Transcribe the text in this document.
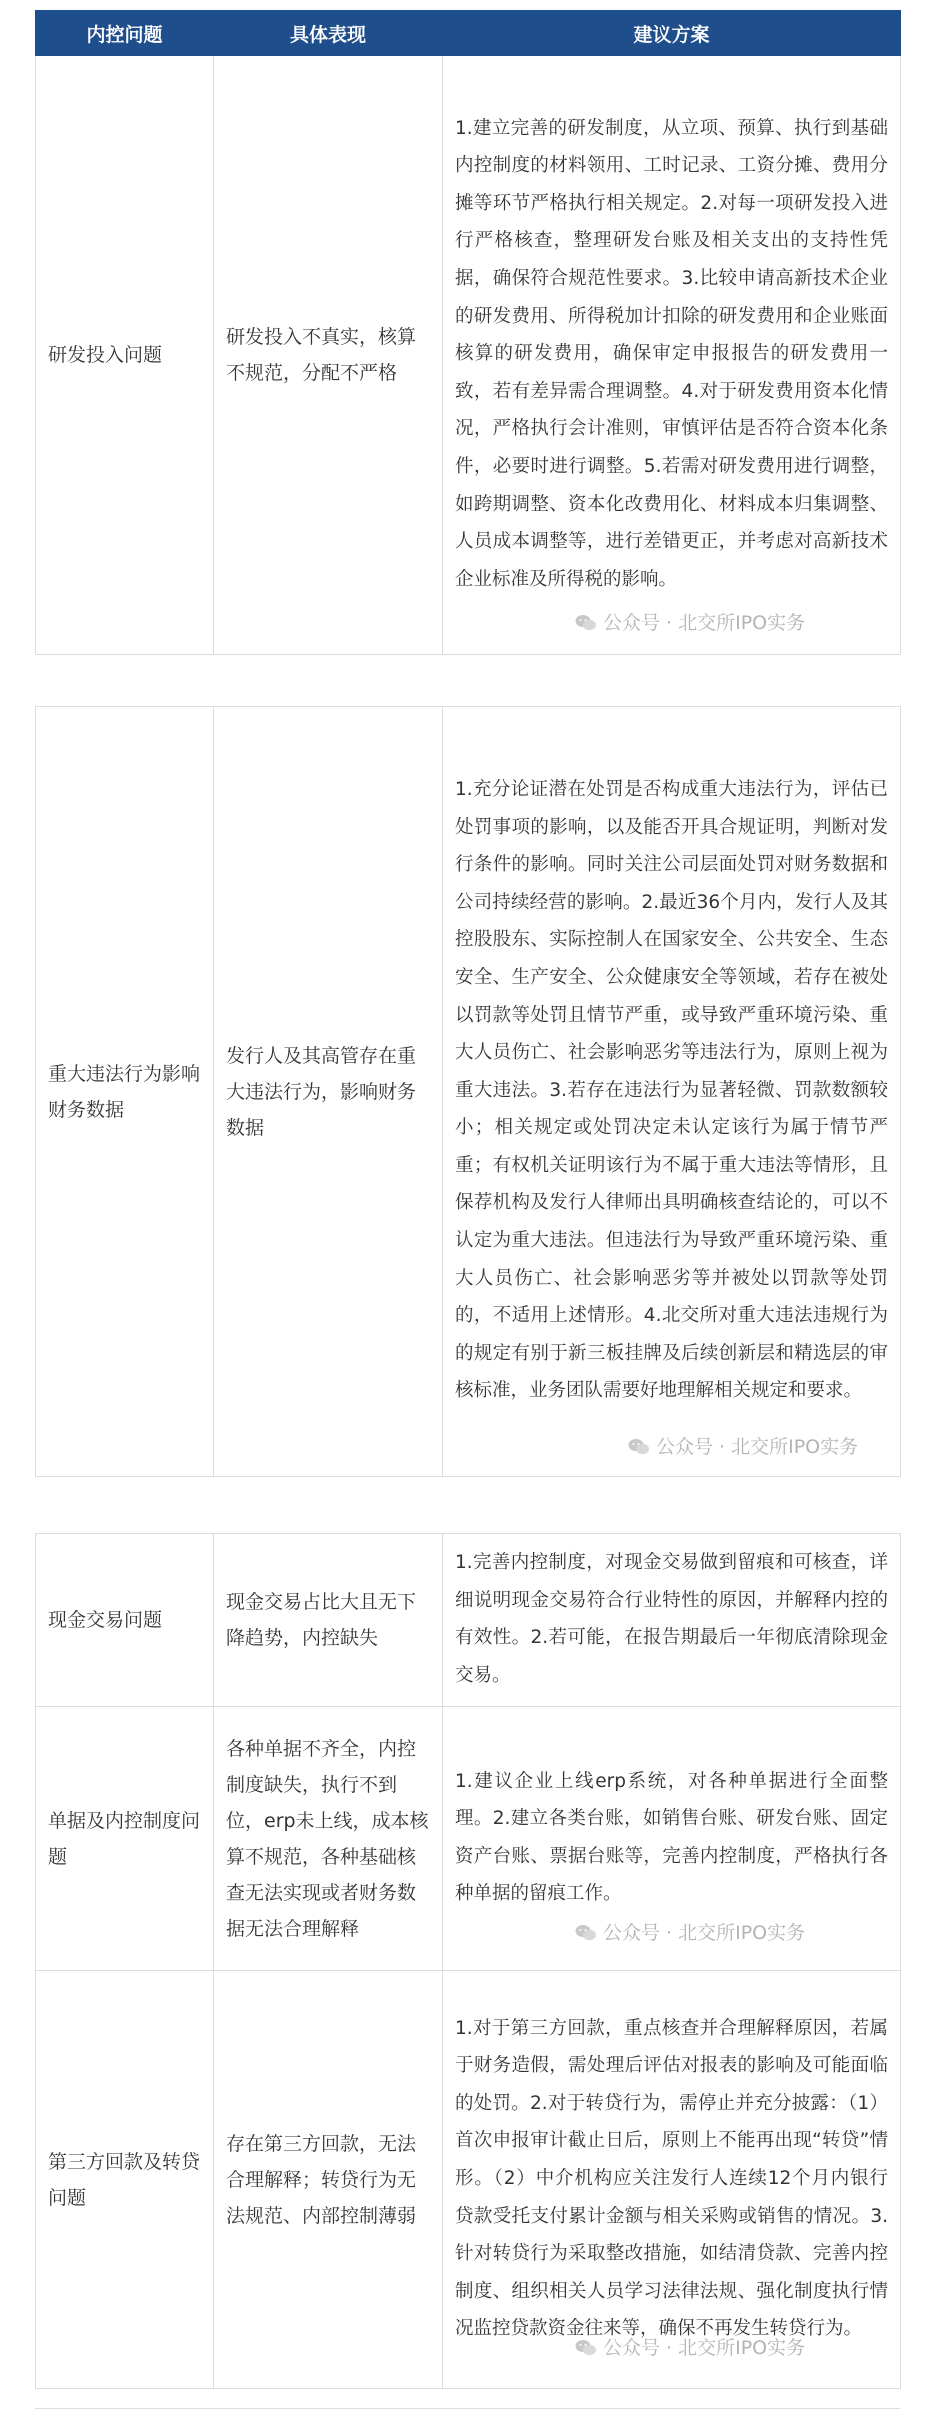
内控问题	具体表现	建议方案
研发投入问题	研发投入不真实，核算不规范，分配不严格	1.建立完善的研发制度，从立项、预算、执行到基础内控制度的材料领用、工时记录、工资分摊、费用分摊等环节严格执行相关规定。2.对每一项研发投入进行严格核查，整理研发台账及相关支出的支持性凭据，确保符合规范性要求。3.比较申请高新技术企业的研发费用、所得税加计扣除的研发费用和企业账面核算的研发费用，确保审定申报报告的研发费用一致，若有差异需合理调整。4.对于研发费用资本化情况，严格执行会计准则，审慎评估是否符合资本化条件，必要时进行调整。5.若需对研发费用进行调整，如跨期调整、资本化改费用化、材料成本归集调整、人员成本调整等，进行差错更正，并考虑对高新技术企业标准及所得税的影响。
重大违法行为影响财务数据	发行人及其高管存在重大违法行为，影响财务数据	1.充分论证潜在处罚是否构成重大违法行为，评估已处罚事项的影响，以及能否开具合规证明，判断对发行条件的影响。同时关注公司层面处罚对财务数据和公司持续经营的影响。2.最近36个月内，发行人及其控股股东、实际控制人在国家安全、公共安全、生态安全、生产安全、公众健康安全等领域，若存在被处以罚款等处罚且情节严重，或导致严重环境污染、重大人员伤亡、社会影响恶劣等违法行为，原则上视为重大违法。3.若存在违法行为显著轻微、罚款数额较小；相关规定或处罚决定未认定该行为属于情节严重；有权机关证明该行为不属于重大违法等情形，且保荐机构及发行人律师出具明确核查结论的，可以不认定为重大违法。但违法行为导致严重环境污染、重大人员伤亡、社会影响恶劣等并被处以罚款等处罚的，不适用上述情形。4.北交所对重大违法违规行为的规定有别于新三板挂牌及后续创新层和精选层的审核标准，业务团队需要好地理解相关规定和要求。
现金交易问题	现金交易占比大且无下降趋势，内控缺失	1.完善内控制度，对现金交易做到留痕和可核查，详细说明现金交易符合行业特性的原因，并解释内控的有效性。2.若可能，在报告期最后一年彻底清除现金交易。
单据及内控制度问题	各种单据不齐全，内控制度缺失，执行不到位，erp未上线，成本核算不规范，各种基础核查无法实现或者财务数据无法合理解释	1.建议企业上线erp系统，对各种单据进行全面整理。2.建立各类台账，如销售台账、研发台账、固定资产台账、票据台账等，完善内控制度，严格执行各种单据的留痕工作。
第三方回款及转贷问题	存在第三方回款，无法合理解释；转贷行为无法规范、内部控制薄弱	1.对于第三方回款，重点核查并合理解释原因，若属于财务造假，需处理后评估对报表的影响及可能面临的处罚。2.对于转贷行为，需停止并充分披露：（1）首次申报审计截止日后，原则上不能再出现“转贷”情形。（2）中介机构应关注发行人连续12个月内银行贷款受托支付累计金额与相关采购或销售的情况。3.针对转贷行为采取整改措施，如结清贷款、完善内控制度、组织相关人员学习法律法规、强化制度执行情况监控贷款资金往来等，确保不再发生转贷行为。
公众号 · 北交所IPO实务
公众号 · 北交所IPO实务
公众号 · 北交所IPO实务
公众号 · 北交所IPO实务
